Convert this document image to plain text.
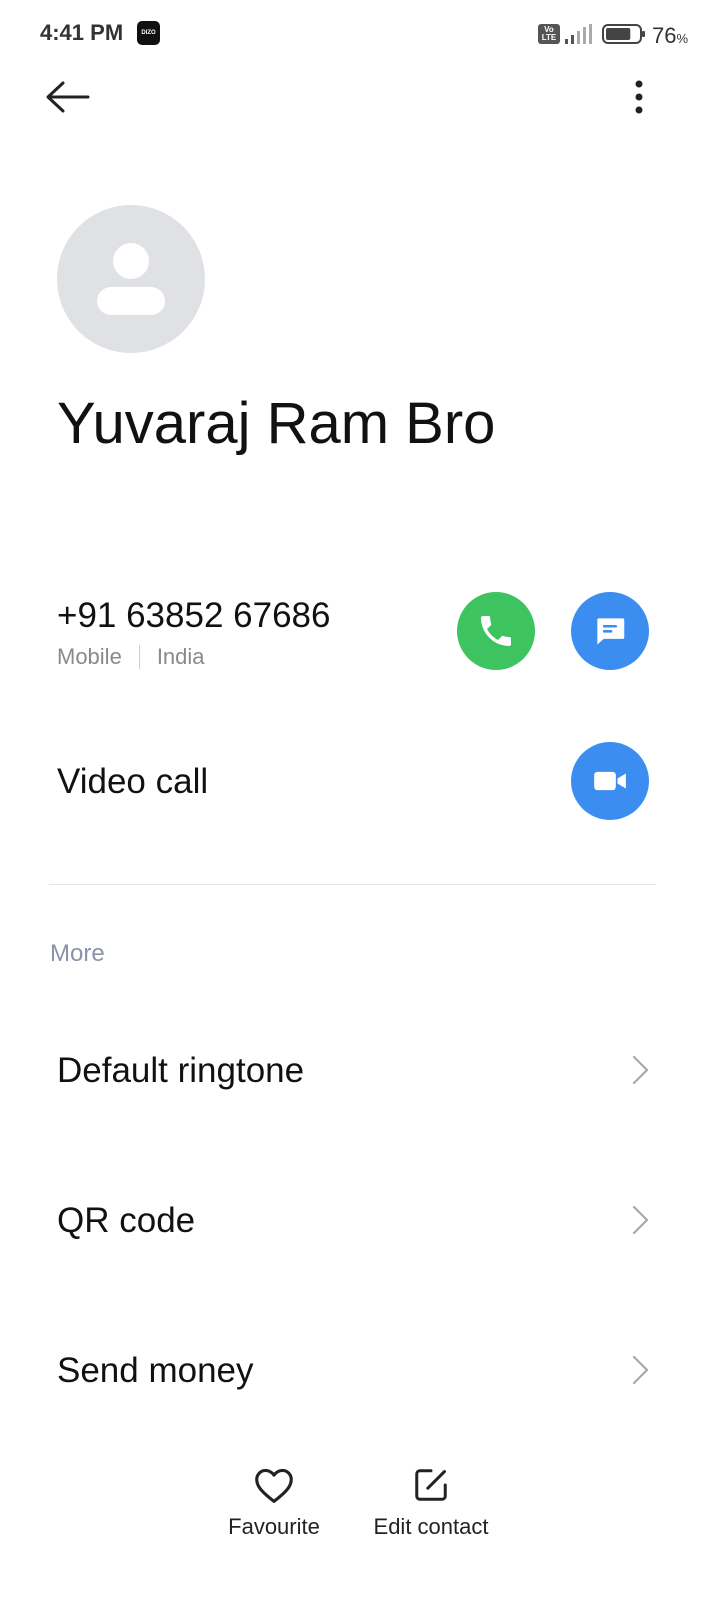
4:41 PM	DIZO	Vo
LTE	76%
Yuvaraj Ram Bro
+91 63852 67686
Mobile India
Video call
More
Default ringtone
QR code
Send money
Favourite Edit contact
